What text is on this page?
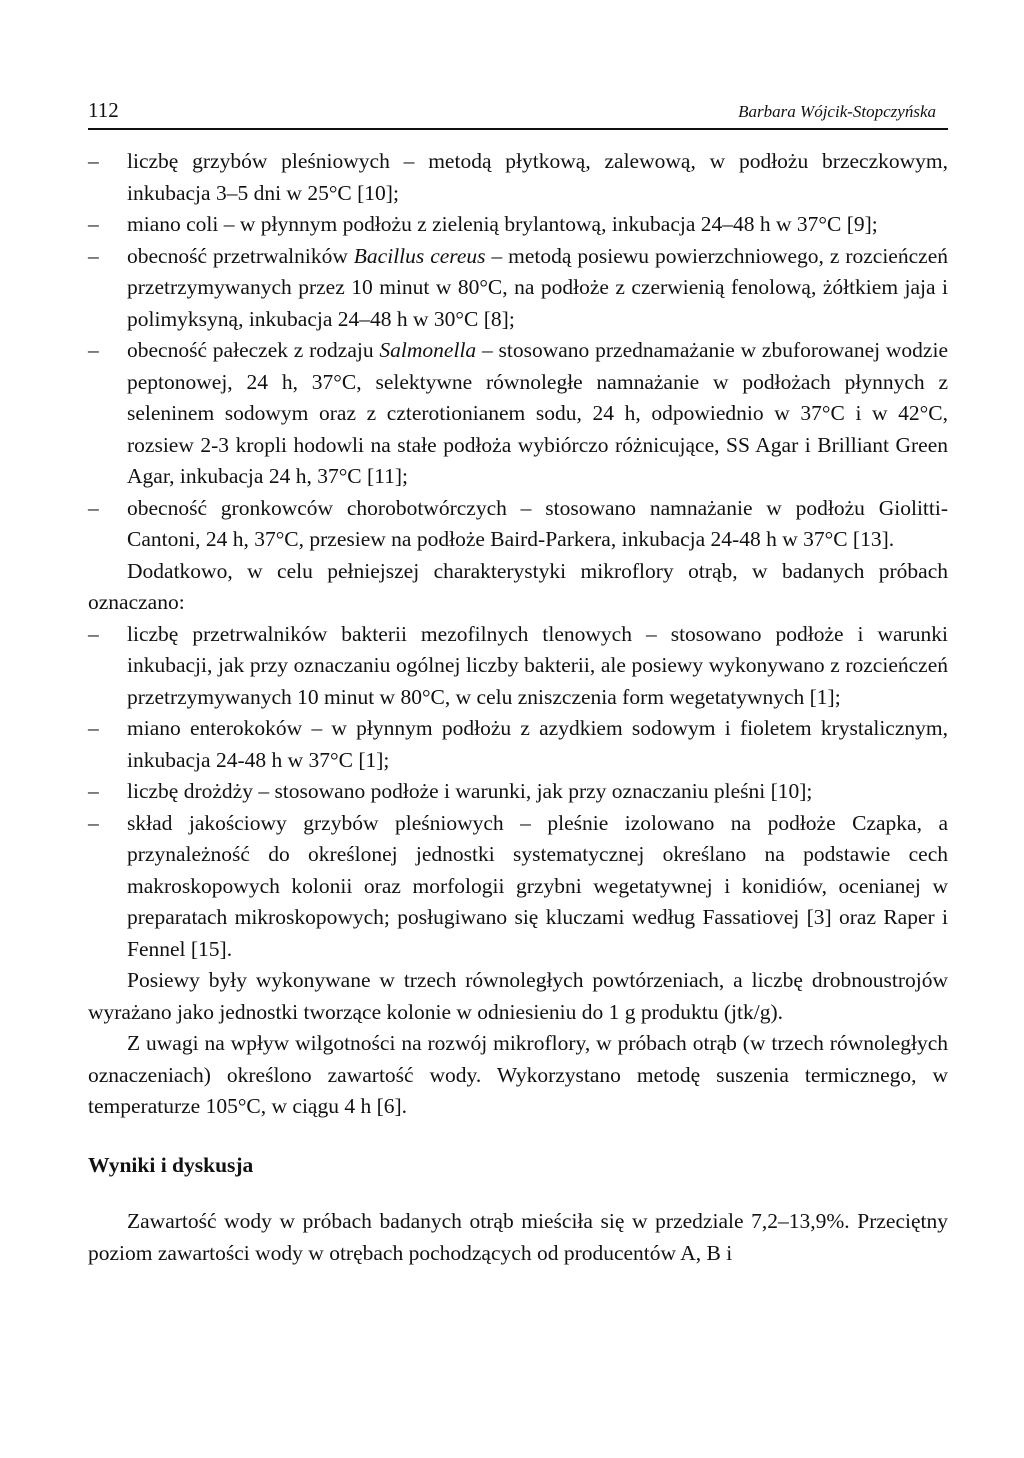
112	Barbara Wójcik-Stopczyńska
– liczbę grzybów pleśniowych – metodą płytkową, zalewową, w podłożu brzeczkowym, inkubacja 3–5 dni w 25°C [10];
– miano coli – w płynnym podłożu z zielenią brylantową, inkubacja 24–48 h w 37°C [9];
– obecność przetrwalników Bacillus cereus – metodą posiewu powierzchniowego, z rozcieńczeń przetrzymywanych przez 10 minut w 80°C, na podłoże z czerwienią fenolową, żółtkiem jaja i polimyksyną, inkubacja 24–48 h w 30°C [8];
– obecność pałeczek z rodzaju Salmonella – stosowano przednamażanie w zbuforowanej wodzie peptonowej, 24 h, 37°C, selektywne równoległe namnażanie w podłożach płynnych z seleninem sodowym oraz z czterotionianem sodu, 24 h, odpowiednio w 37°C i w 42°C, rozsiew 2-3 kropli hodowli na stałe podłoża wybiórczo różnicujące, SS Agar i Brilliant Green Agar, inkubacja 24 h, 37°C [11];
– obecność gronkowców chorobotwórczych – stosowano namnażanie w podłożu Giolitti-Cantoni, 24 h, 37°C, przesiew na podłoże Baird-Parkera, inkubacja 24-48 h w 37°C [13].

Dodatkowo, w celu pełniejszej charakterystyki mikroflory otrąb, w badanych próbach oznaczano:

– liczbę przetrwalników bakterii mezofilnych tlenowych – stosowano podłoże i warunki inkubacji, jak przy oznaczaniu ogólnej liczby bakterii, ale posiewy wykonywano z rozcieńczeń przetrzymywanych 10 minut w 80°C, w celu zniszczenia form wegetatywnych [1];
– miano enterokoków – w płynnym podłożu z azydkiem sodowym i fioletem krystalicznym, inkubacja 24-48 h w 37°C [1];
– liczbę drożdży – stosowano podłoże i warunki, jak przy oznaczaniu pleśni [10];
– skład jakościowy grzybów pleśniowych – pleśnie izolowano na podłoże Czapka, a przynależność do określonej jednostki systematycznej określano na podstawie cech makroskopowych kolonii oraz morfologii grzybni wegetatywnej i konidiów, ocenianej w preparatach mikroskopowych; posługiwano się kluczami według Fassatiovej [3] oraz Raper i Fennel [15].

Posiewy były wykonywane w trzech równoległych powtórzeniach, a liczbę drobnoustrojów wyrażano jako jednostki tworzące kolonie w odniesieniu do 1 g produktu (jtk/g).

Z uwagi na wpływ wilgotności na rozwój mikroflory, w próbach otrąb (w trzech równoległych oznaczeniach) określono zawartość wody. Wykorzystano metodę suszenia termicznego, w temperaturze 105°C, w ciągu 4 h [6].

Wyniki i dyskusja

Zawartość wody w próbach badanych otrąb mieściła się w przedziale 7,2–13,9%. Przeciętny poziom zawartości wody w otrębach pochodzących od producentów A, B i
